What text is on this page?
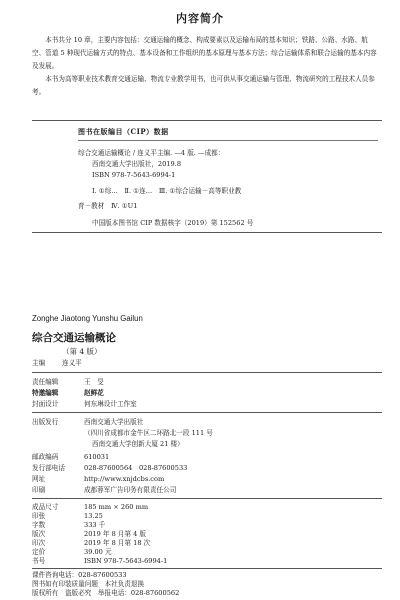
内容简介

本书共分 10 章，主要内容包括：交通运输的概念、构成要素以及运输布局的基本知识；铁路、公路、水路、航空、管道 5 种现代运输方式的特点、基本设备和工作组织的基本原理与基本方法；综合运输体系和联合运输的基本内容及发展。

本书为高等职业技术教育交通运输、物流专业教学用书，也可供从事交通运输与管理、物流研究的工程技术人员参考。

图书在版编目（CIP）数据
综合交通运输概论 / 连义平主编. —4 版. —成都：
西南交通大学出版社，2019.8
ISBN 978-7-5643-6994-1
Ⅰ. ①综…　Ⅱ. ①连…　Ⅲ. ①综合运输－高等职业教
育－教材　Ⅳ. ①U1
中国版本图书馆 CIP 数据核字（2019）第 152562 号
Zonghe Jiaotong Yunshu Gailun
综合交通运输概论
（第 4 版）
主编	连义平
责任编辑	王　旻
特邀编辑	赵鲜花
封面设计	何东琳设计工作室
出版发行	西南交通大学出版社
（四川省成都市金牛区二环路北一段 111 号
西南交通大学创新大厦 21 楼）
邮政编码	610031
发行部电话	028-87600564　028-87600533
网址	http://www.xnjdcbs.com
印刷	成都蓉军广告印务有限责任公司
成品尺寸	185 mm × 260 mm
印张	13.25
字数	333 千
版次	2019 年 8 月第 4 版
印次	2019 年 8 月第 18 次
定价	39.00 元
书号	ISBN 978-7-5643-6994-1
课件咨询电话：028-87600533
图书如有印装质量问题　本社负责退换
版权所有　盗版必究　举报电话：028-87600562
